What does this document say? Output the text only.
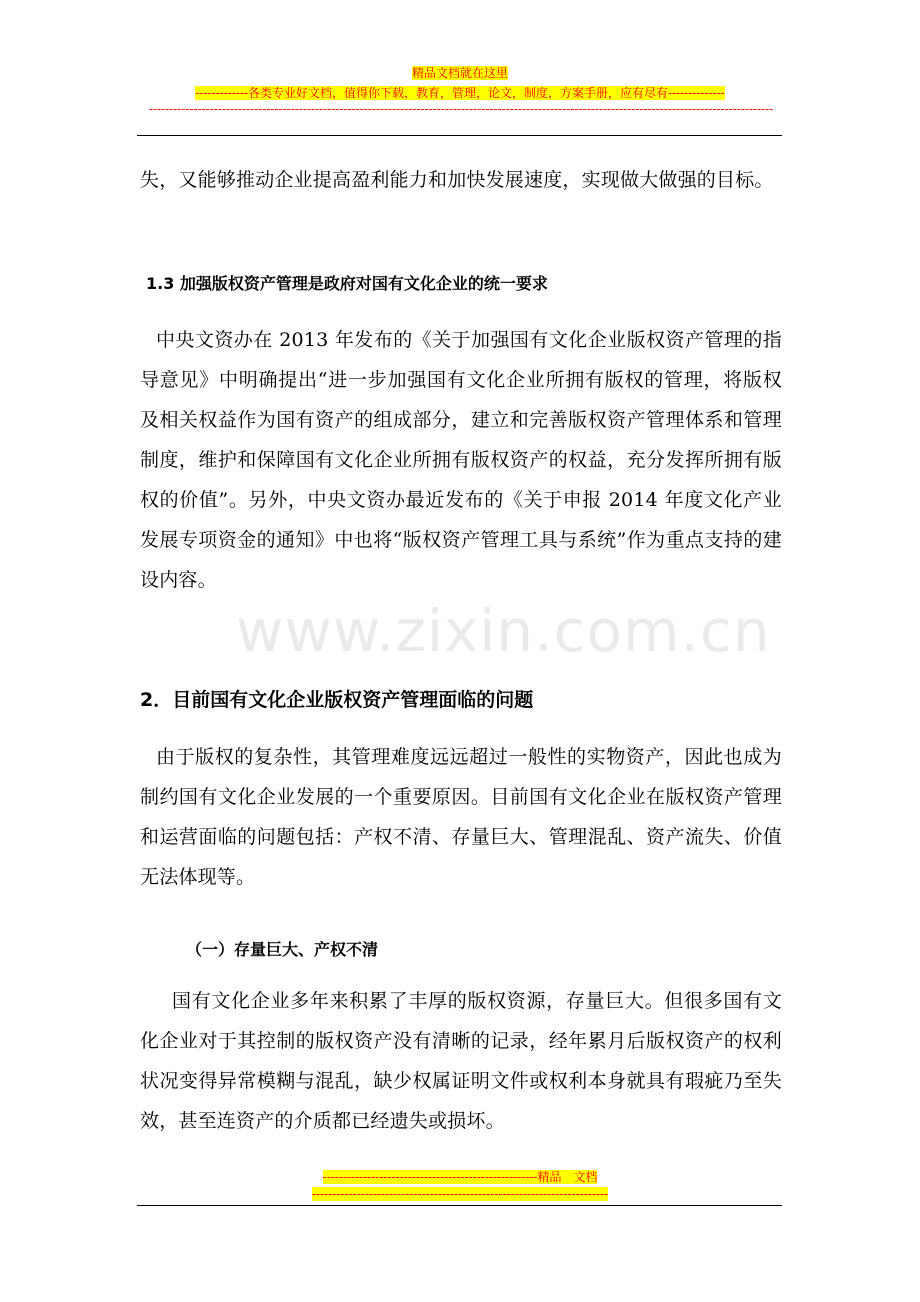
精品文档就在这里
-------------各类专业好文档，值得你下载，教育，管理，论文，制度，方案手册，应有尽有--------------
----------------------------------------------------------------------------------------------------------------------------------------------------------
失，又能够推动企业提高盈利能力和加快发展速度，实现做大做强的目标。
1.3 加强版权资产管理是政府对国有文化企业的统一要求
中央文资办在 2013 年发布的《关于加强国有文化企业版权资产管理的指导意见》中明确提出“进一步加强国有文化企业所拥有版权的管理，将版权及相关权益作为国有资产的组成部分，建立和完善版权资产管理体系和管理制度，维护和保障国有文化企业所拥有版权资产的权益，充分发挥所拥有版权的价值”。另外，中央文资办最近发布的《关于申报 2014 年度文化产业发展专项资金的通知》中也将“版权资产管理工具与系统”作为重点支持的建设内容。
www.zixin.com.cn
2．目前国有文化企业版权资产管理面临的问题
由于版权的复杂性，其管理难度远远超过一般性的实物资产，因此也成为制约国有文化企业发展的一个重要原因。目前国有文化企业在版权资产管理和运营面临的问题包括：产权不清、存量巨大、管理混乱、资产流失、价值无法体现等。
（一）存量巨大、产权不清
国有文化企业多年来积累了丰厚的版权资源，存量巨大。但很多国有文化企业对于其控制的版权资产没有清晰的记录，经年累月后版权资产的权利状况变得异常模糊与混乱，缺少权属证明文件或权利本身就具有瑕疵乃至失效，甚至连资产的介质都已经遗失或损坏。
-----------------------------------------------------精品　文档
-------------------------------------------------------------------------
